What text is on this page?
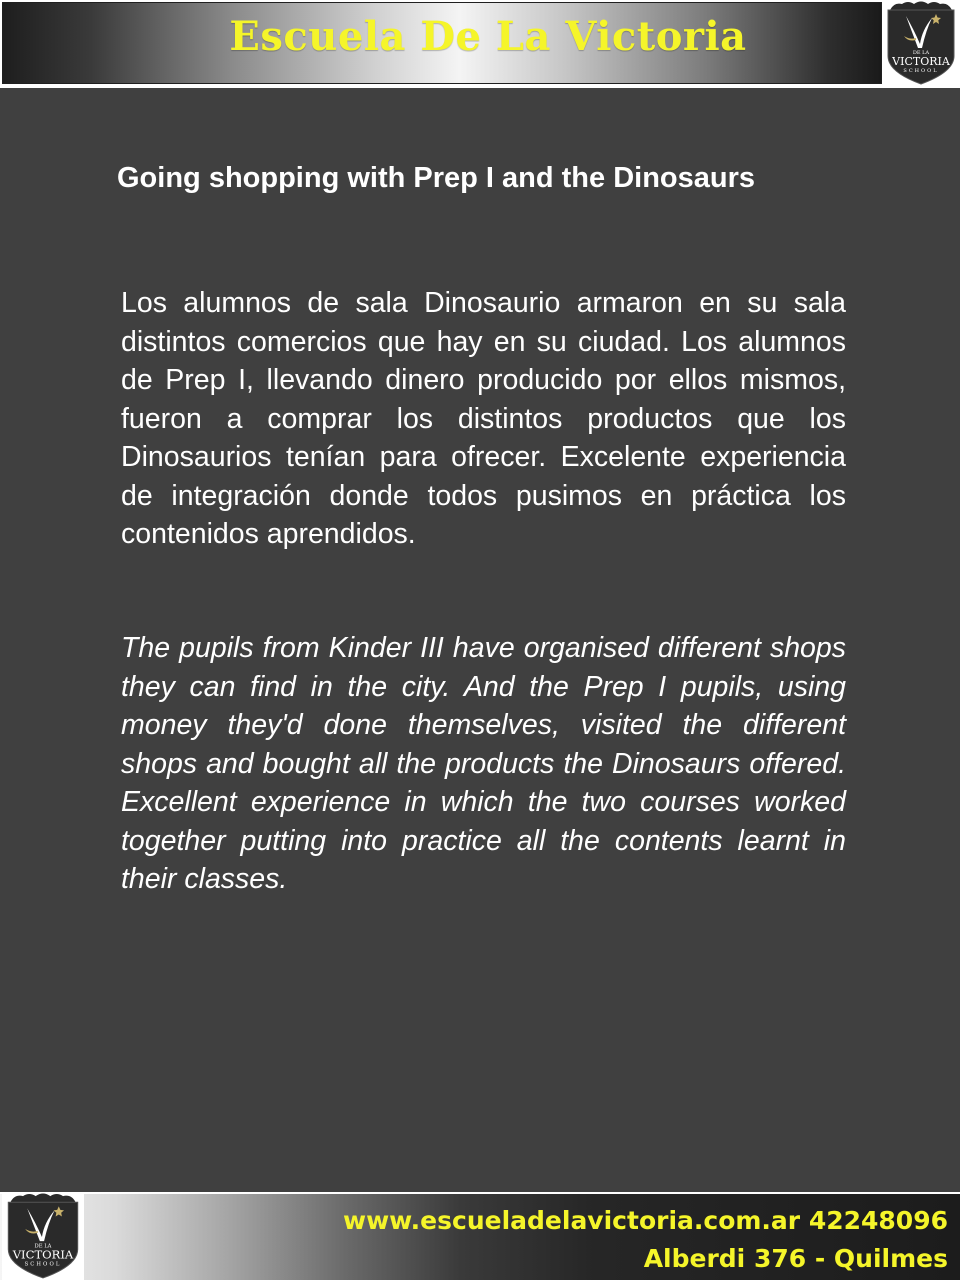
Escuela De La Victoria	DE LA
VICTORIA
SCHOOL
Going shopping with Prep I and the Dinosaurs

Los alumnos de sala Dinosaurio armaron en su sala distintos comercios que hay en su ciudad. Los alumnos de Prep I, llevando dinero producido por ellos mismos, fueron a comprar los distintos productos que los Dinosaurios tenían para ofrecer. Excelente experiencia de integración donde todos pusimos en práctica los contenidos aprendidos.

The pupils from Kinder III have organised different shops they can find in the city. And the Prep I pupils, using money they'd done themselves, visited the different shops and bought all the products the Dinosaurs offered. Excellent experience in which the two courses worked together putting into practice all the contents learnt in their classes.

DE LA
VICTORIA
SCHOOL
www.escueladelavictoria.com.ar 42248096
Alberdi 376 - Quilmes
